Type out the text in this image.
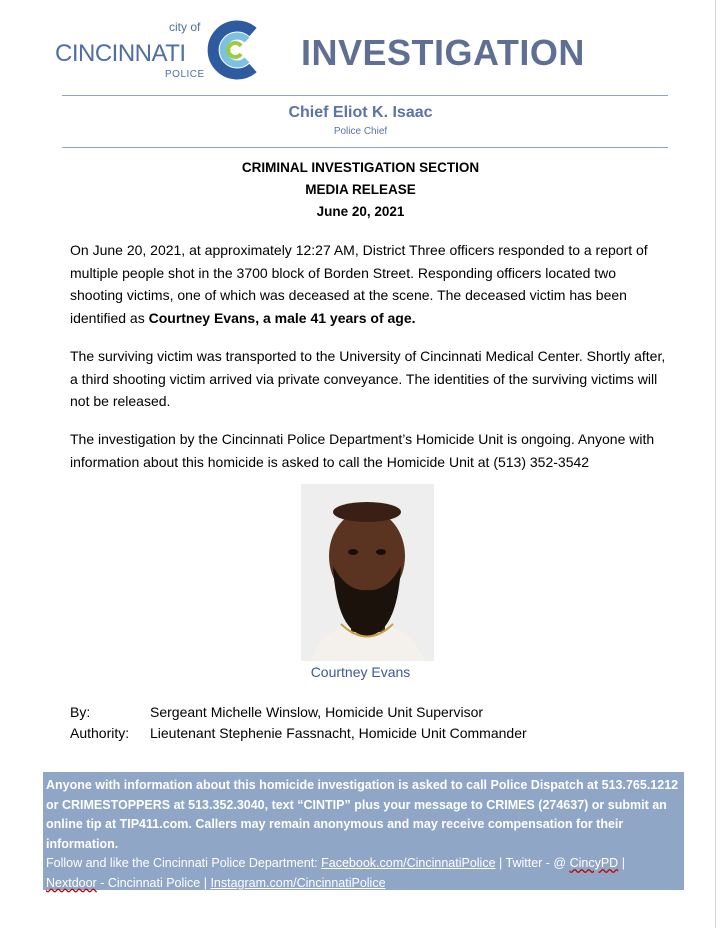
city of
CINCINNATI
POLICE
INVESTIGATION
Chief Eliot K. Isaac
Police Chief
CRIMINAL INVESTIGATION SECTION
MEDIA RELEASE
June 20, 2021
On June 20, 2021, at approximately 12:27 AM, District Three officers responded to a report of multiple people shot in the 3700 block of Borden Street. Responding officers located two shooting victims, one of which was deceased at the scene. The deceased victim has been identified as Courtney Evans, a male 41 years of age.
The surviving victim was transported to the University of Cincinnati Medical Center. Shortly after, a third shooting victim arrived via private conveyance. The identities of the surviving victims will not be released.
The investigation by the Cincinnati Police Department’s Homicide Unit is ongoing. Anyone with information about this homicide is asked to call the Homicide Unit at (513) 352-3542
Courtney Evans
By:	Sergeant Michelle Winslow, Homicide Unit Supervisor
Authority: Lieutenant Stephenie Fassnacht, Homicide Unit Commander
Anyone with information about this homicide investigation is asked to call Police Dispatch at 513.765.1212 or CRIMESTOPPERS at 513.352.3040, text “CINTIP” plus your message to CRIMES (274637) or submit an online tip at TIP411.com. Callers may remain anonymous and may receive compensation for their information.
Follow and like the Cincinnati Police Department: Facebook.com/CincinnatiPolice | Twitter - @ CincyPD |
Nextdoor - Cincinnati Police | Instagram.com/CincinnatiPolice
